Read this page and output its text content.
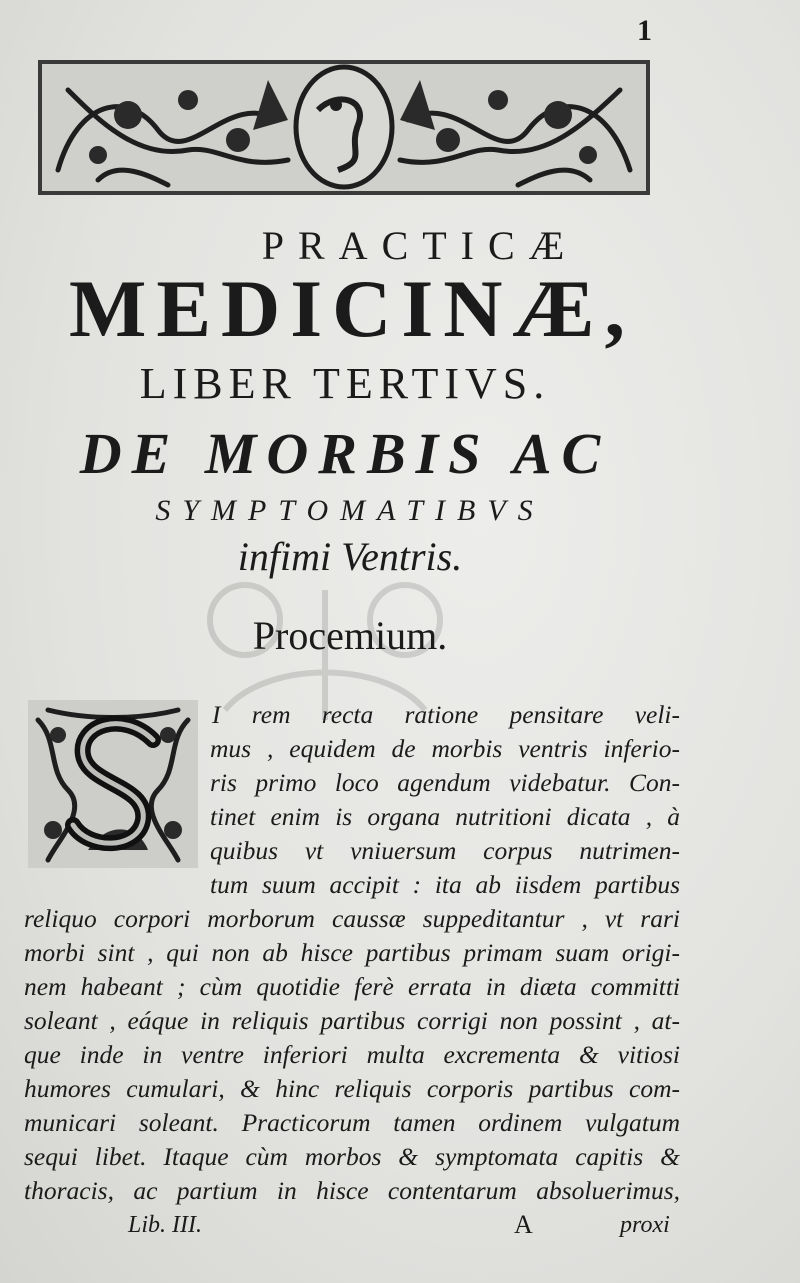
1
PRACTICÆ
MEDICINÆ,
LIBER TERTIVS.
DE MORBIS AC
SYMPTOMATIBVS
infimi Ventris.
Procemium.
I rem recta ratione pensitare veli-
mus , equidem de morbis ventris inferio-
ris primo loco agendum videbatur. Con-
tinet enim is organa nutritioni dicata , à
quibus vt vniuersum corpus nutrimen-
tum suum accipit : ita ab iisdem partibus
reliquo corpori morborum caussæ suppeditantur , vt rari
morbi sint , qui non ab hisce partibus primam suam origi-
nem habeant ; cùm quotidie ferè errata in diæta committi
soleant , eáque in reliquis partibus corrigi non possint , at-
que inde in ventre inferiori multa excrementa & vitiosi
humores cumulari, & hinc reliquis corporis partibus com-
municari soleant. Practicorum tamen ordinem vulgatum
sequi libet. Itaque cùm morbos & symptomata capitis &
thoracis, ac partium in hisce contentarum absoluerimus,
Lib. III.	A	proxi
